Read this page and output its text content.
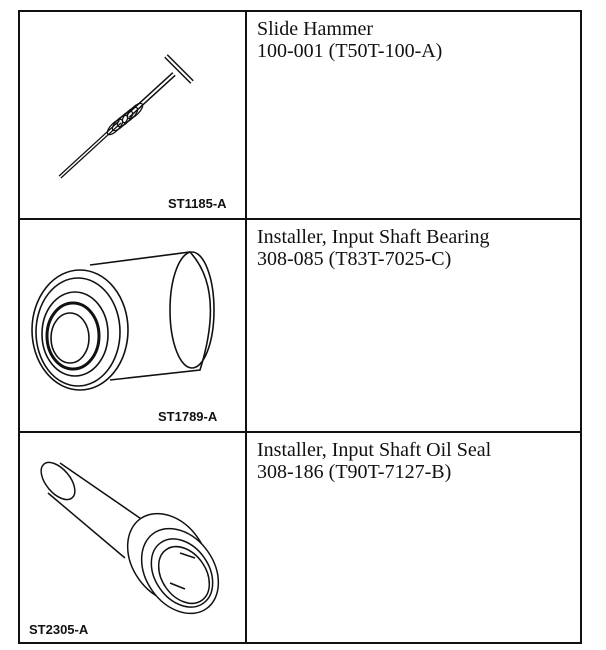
ST1185-A
Slide Hammer
100-001 (T50T-100-A)
ST1789-A
Installer, Input Shaft Bearing
308-085 (T83T-7025-C)
ST2305-A
Installer, Input Shaft Oil Seal
308-186 (T90T-7127-B)
